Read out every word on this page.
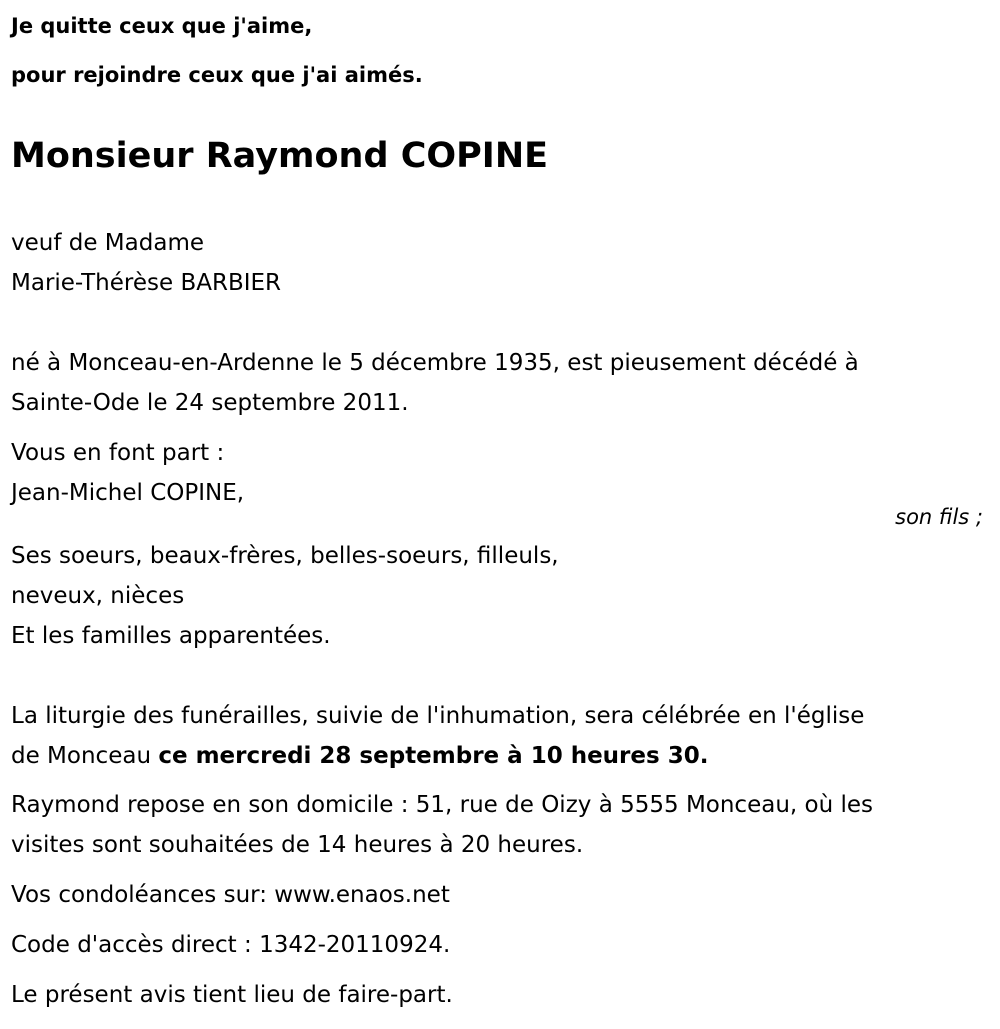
Je quitte ceux que j'aime,
pour rejoindre ceux que j'ai aimés.
Monsieur Raymond COPINE
veuf de Madame
Marie-Thérèse BARBIER
né à Monceau-en-Ardenne le 5 décembre 1935, est pieusement décédé à
Sainte-Ode le 24 septembre 2011.
Vous en font part :
Jean-Michel COPINE,
son fils ;
Ses soeurs, beaux-frères, belles-soeurs, filleuls,
neveux, nièces
Et les familles apparentées.
La liturgie des funérailles, suivie de l'inhumation, sera célébrée en l'église
de Monceau ce mercredi 28 septembre à 10 heures 30.
Raymond repose en son domicile : 51, rue de Oizy à 5555 Monceau, où les
visites sont souhaitées de 14 heures à 20 heures.
Vos condoléances sur: www.enaos.net
Code d'accès direct : 1342-20110924.
Le présent avis tient lieu de faire-part.
